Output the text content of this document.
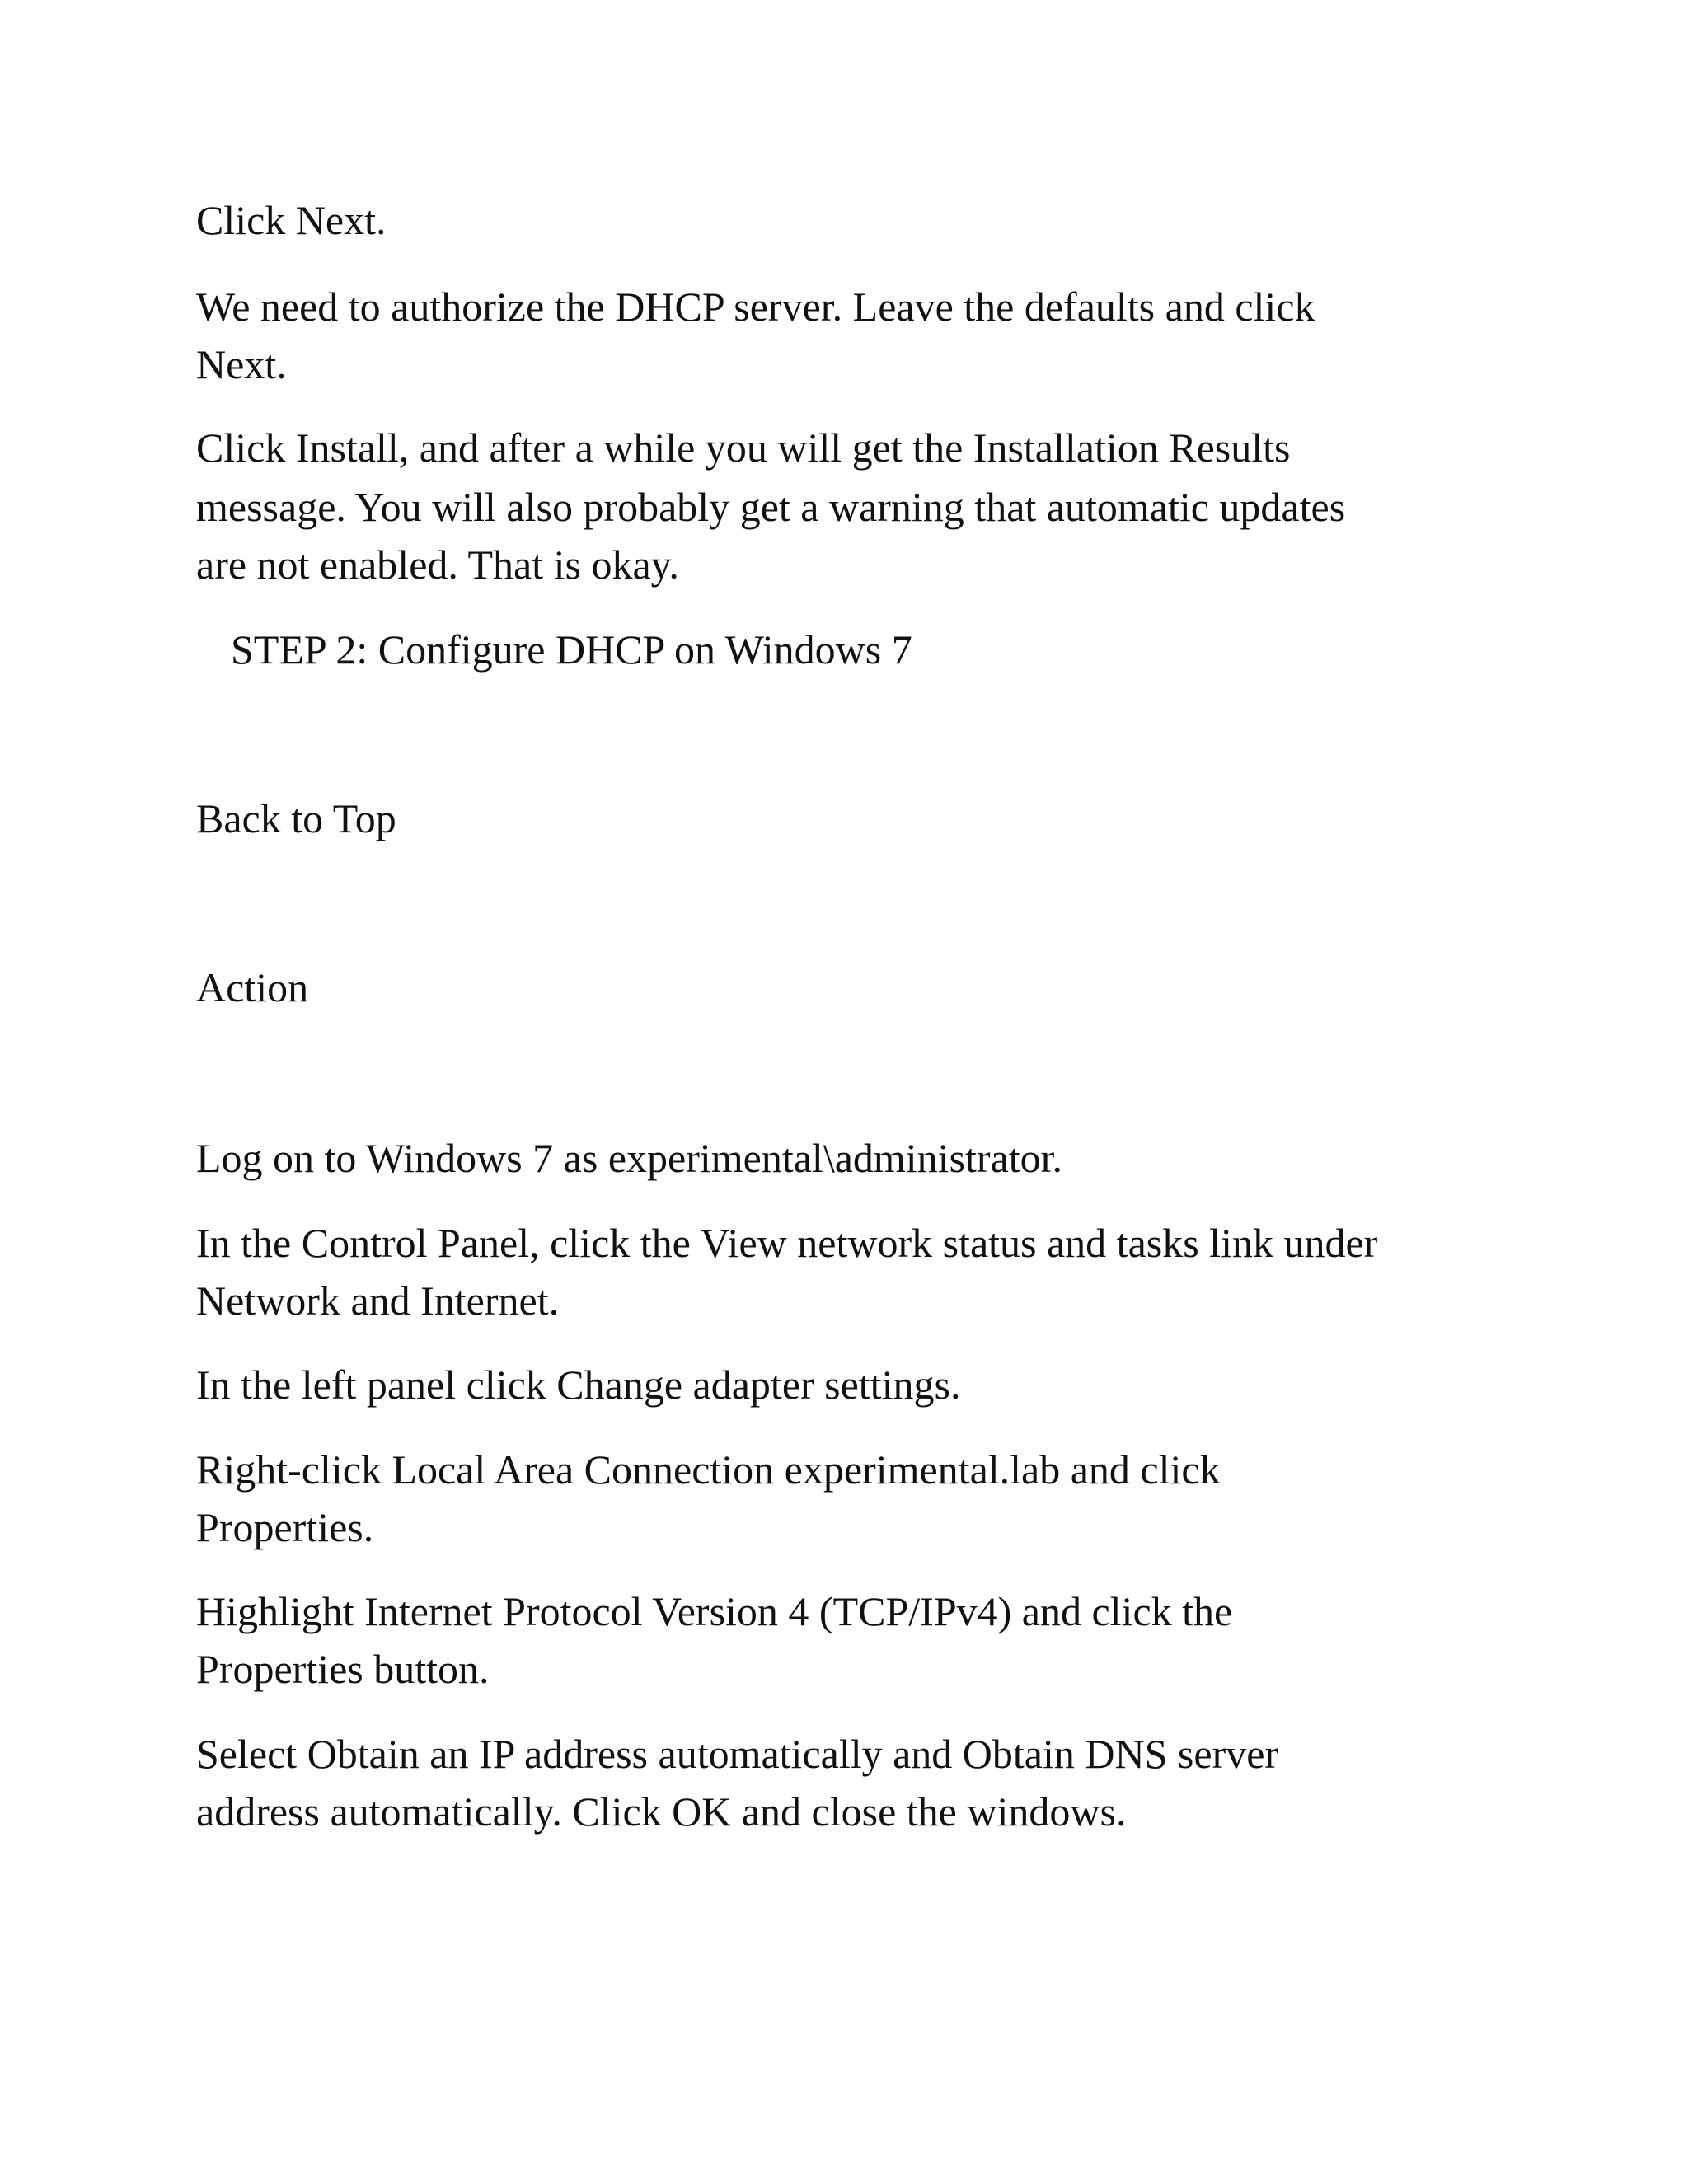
Click Next.

We need to authorize the DHCP server. Leave the defaults and click

Next.

Click Install, and after a while you will get the Installation Results

message. You will also probably get a warning that automatic updates

are not enabled. That is okay.

STEP 2: Configure DHCP on Windows 7

Back to Top

Action

Log on to Windows 7 as experimental\administrator.

In the Control Panel, click the View network status and tasks link under

Network and Internet.

In the left panel click Change adapter settings.

Right-click Local Area Connection experimental.lab and click

Properties.

Highlight Internet Protocol Version 4 (TCP/IPv4) and click the

Properties button.

Select Obtain an IP address automatically and Obtain DNS server

address automatically. Click OK and close the windows.
